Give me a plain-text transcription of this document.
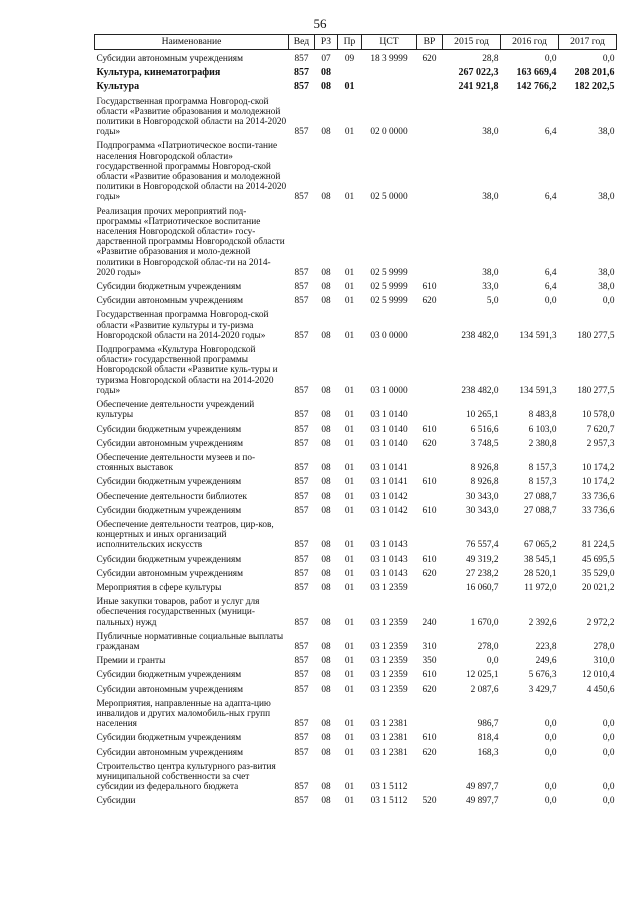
56
Наименование	Вед	РЗ	Пр	ЦСТ	ВР	2015 год	2016 год	2017 год
Субсидии автономным учреждениям	857	07	09	18 3 9999	620	28,8	0,0	0,0
Культура, кинематография	857	08				267 022,3	163 669,4	208 201,6
Культура	857	08	01			241 921,8	142 766,2	182 202,5
Государственная программа Новгород-ской области «Развитие образования и молодежной политики в Новгородской области на 2014-2020 годы»	857	08	01	02 0 0000		38,0	6,4	38,0
Подпрограмма «Патриотическое воспи-тание населения Новгородской области» государственной программы Новгород-ской области «Развитие образования и молодежной политики в Новгородской области на 2014-2020 годы»	857	08	01	02 5 0000		38,0	6,4	38,0
Реализация прочих мероприятий под-программы «Патриотическое воспитание населения Новгородской области» госу-дарственной программы Новгородской области «Развитие образования и моло-дежной политики в Новгородской облас-ти на 2014-2020 годы»	857	08	01	02 5 9999		38,0	6,4	38,0
Субсидии бюджетным учреждениям	857	08	01	02 5 9999	610	33,0	6,4	38,0
Субсидии автономным учреждениям	857	08	01	02 5 9999	620	5,0	0,0	0,0
Государственная программа Новгород-ской области «Развитие культуры и ту-ризма Новгородской области на 2014-2020 годы»	857	08	01	03 0 0000		238 482,0	134 591,3	180 277,5
Подпрограмма «Культура Новгородской области» государственной программы Новгородской области «Развитие куль-туры и туризма Новгородской области на 2014-2020 годы»	857	08	01	03 1 0000		238 482,0	134 591,3	180 277,5
Обеспечение деятельности учреждений культуры	857	08	01	03 1 0140		10 265,1	8 483,8	10 578,0
Субсидии бюджетным учреждениям	857	08	01	03 1 0140	610	6 516,6	6 103,0	7 620,7
Субсидии автономным учреждениям	857	08	01	03 1 0140	620	3 748,5	2 380,8	2 957,3
Обеспечение деятельности музеев и по-стоянных выставок	857	08	01	03 1 0141		8 926,8	8 157,3	10 174,2
Субсидии бюджетным учреждениям	857	08	01	03 1 0141	610	8 926,8	8 157,3	10 174,2
Обеспечение деятельности библиотек	857	08	01	03 1 0142		30 343,0	27 088,7	33 736,6
Субсидии бюджетным учреждениям	857	08	01	03 1 0142	610	30 343,0	27 088,7	33 736,6
Обеспечение деятельности театров, цир-ков, концертных и иных организаций исполнительских искусств	857	08	01	03 1 0143		76 557,4	67 065,2	81 224,5
Субсидии бюджетным учреждениям	857	08	01	03 1 0143	610	49 319,2	38 545,1	45 695,5
Субсидии автономным учреждениям	857	08	01	03 1 0143	620	27 238,2	28 520,1	35 529,0
Мероприятия в сфере культуры	857	08	01	03 1 2359		16 060,7	11 972,0	20 021,2
Иные закупки товаров, работ и услуг для обеспечения государственных (муници-пальных) нужд	857	08	01	03 1 2359	240	1 670,0	2 392,6	2 972,2
Публичные нормативные социальные выплаты гражданам	857	08	01	03 1 2359	310	278,0	223,8	278,0
Премии и гранты	857	08	01	03 1 2359	350	0,0	249,6	310,0
Субсидии бюджетным учреждениям	857	08	01	03 1 2359	610	12 025,1	5 676,3	12 010,4
Субсидии автономным учреждениям	857	08	01	03 1 2359	620	2 087,6	3 429,7	4 450,6
Мероприятия, направленные на адапта-цию инвалидов и других маломобиль-ных групп населения	857	08	01	03 1 2381		986,7	0,0	0,0
Субсидии бюджетным учреждениям	857	08	01	03 1 2381	610	818,4	0,0	0,0
Субсидии автономным учреждениям	857	08	01	03 1 2381	620	168,3	0,0	0,0
Строительство центра культурного раз-вития муниципальной собственности за счет субсидии из федерального бюджета	857	08	01	03 1 5112		49 897,7	0,0	0,0
Субсидии	857	08	01	03 1 5112	520	49 897,7	0,0	0,0
